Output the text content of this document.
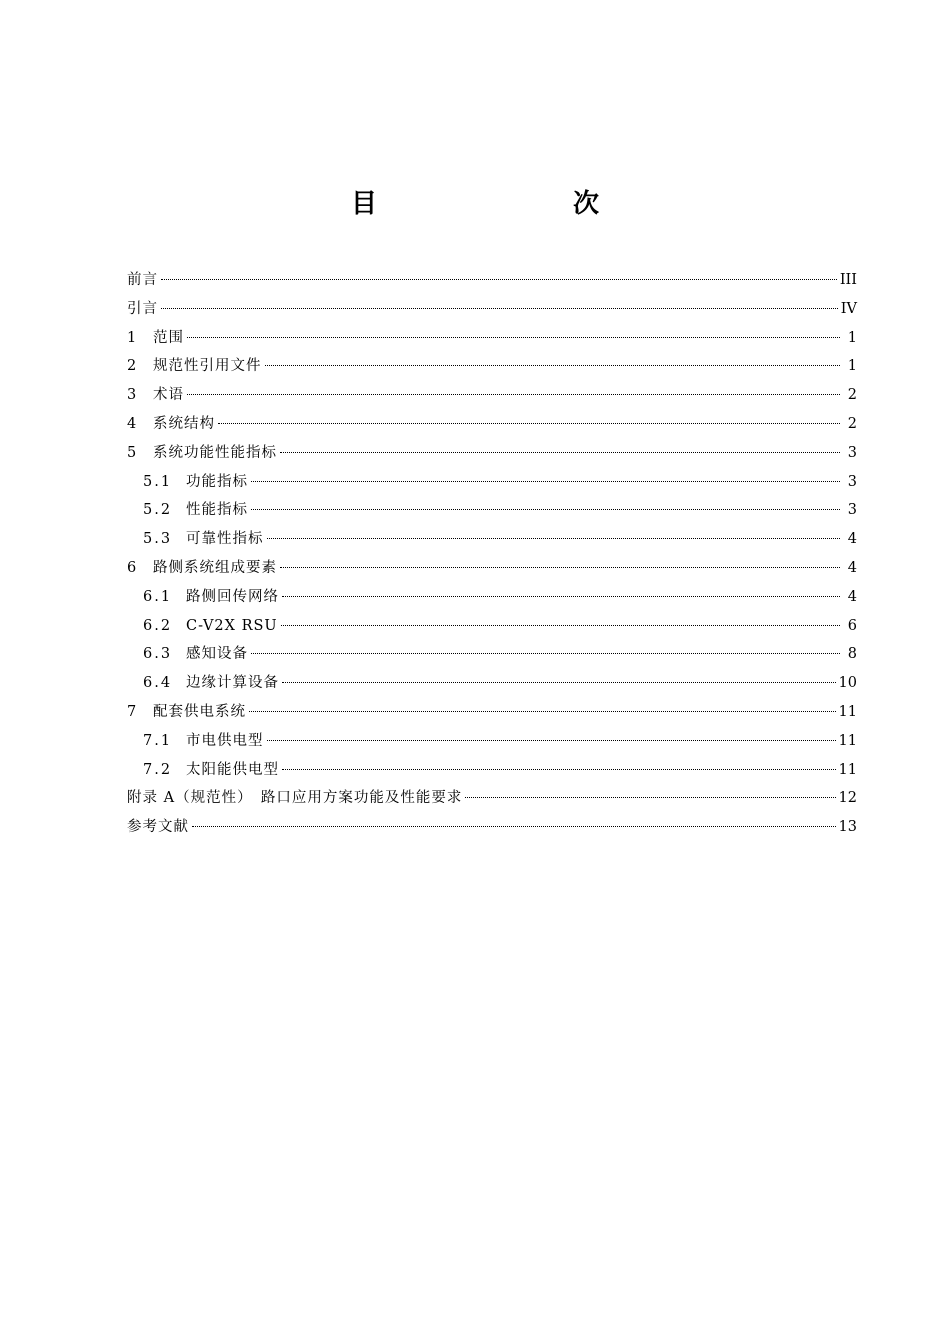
目　　次
前言	III
引言	IV
1	范围	1
2	规范性引用文件	1
3	术语	2
4	系统结构	2
5	系统功能性能指标	3
5.1 功能指标	3
5.2 性能指标	3
5.3 可靠性指标	4
6	路侧系统组成要素	4
6.1 路侧回传网络	4
6.2 C-V2X RSU	6
6.3 感知设备	8
6.4 边缘计算设备	10
7	配套供电系统	11
7.1 市电供电型	11
7.2 太阳能供电型	11
附录 A（规范性）　路口应用方案功能及性能要求	12
参考文献	13
